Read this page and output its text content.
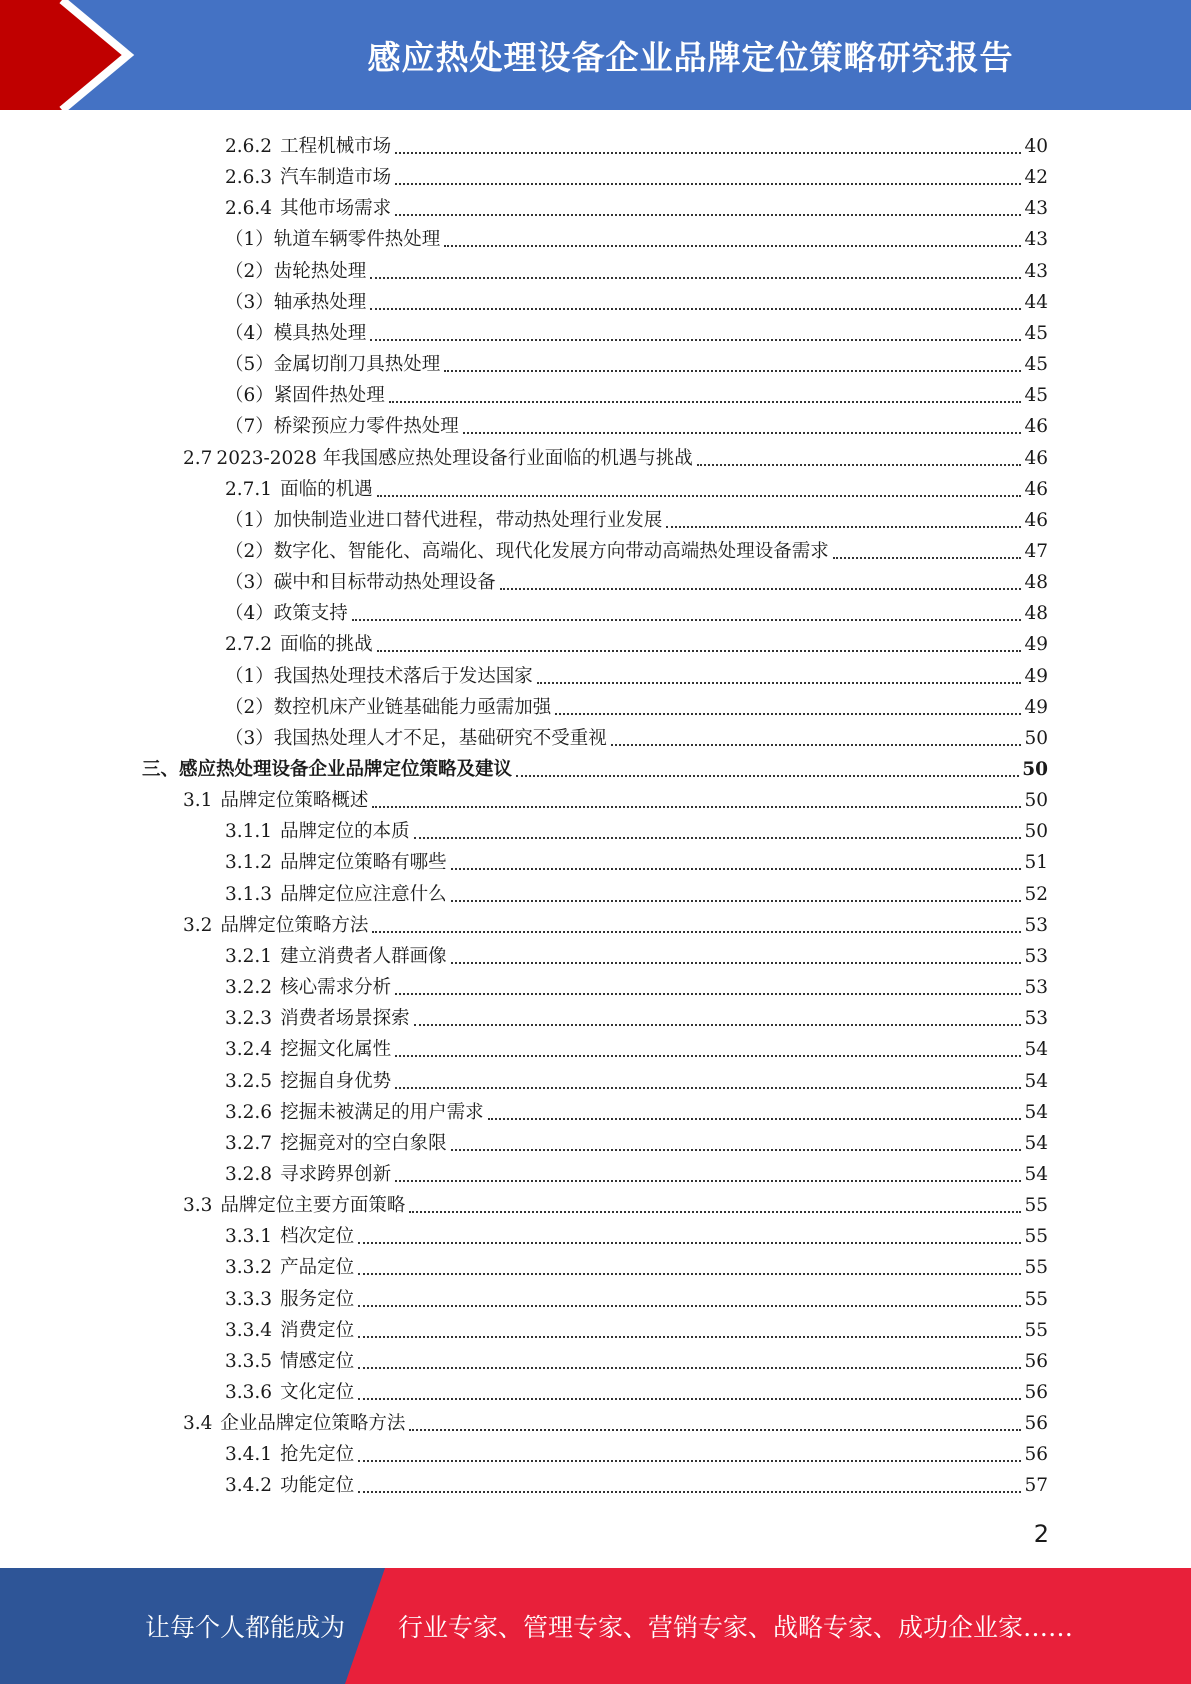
感应热处理设备企业品牌定位策略研究报告
2.6.2 工程机械市场	40
2.6.3 汽车制造市场	42
2.6.4 其他市场需求	43
（1） 轨道车辆零件热处理	43
（2） 齿轮热处理	43
（3） 轴承热处理	44
（4） 模具热处理	45
（5） 金属切削刀具热处理	45
（6） 紧固件热处理	45
（7） 桥梁预应力零件热处理	46
2.7 2023-2028 年我国感应热处理设备行业面临的机遇与挑战	46
2.7.1 面临的机遇	46
（1） 加快制造业进口替代进程，带动热处理行业发展	46
（2） 数字化、智能化、高端化、现代化发展方向带动高端热处理设备需求	47
（3） 碳中和目标带动热处理设备	48
（4） 政策支持	48
2.7.2 面临的挑战	49
（1） 我国热处理技术落后于发达国家	49
（2） 数控机床产业链基础能力亟需加强	49
（3） 我国热处理人才不足，基础研究不受重视	50
三、 感应热处理设备企业品牌定位策略及建议	50
3.1 品牌定位策略概述	50
3.1.1 品牌定位的本质	50
3.1.2 品牌定位策略有哪些	51
3.1.3 品牌定位应注意什么	52
3.2 品牌定位策略方法	53
3.2.1 建立消费者人群画像	53
3.2.2 核心需求分析	53
3.2.3 消费者场景探索	53
3.2.4 挖掘文化属性	54
3.2.5 挖掘自身优势	54
3.2.6 挖掘未被满足的用户需求	54
3.2.7 挖掘竞对的空白象限	54
3.2.8 寻求跨界创新	54
3.3 品牌定位主要方面策略	55
3.3.1 档次定位	55
3.3.2 产品定位	55
3.3.3 服务定位	55
3.3.4 消费定位	55
3.3.5 情感定位	56
3.3.6 文化定位	56
3.4 企业品牌定位策略方法	56
3.4.1 抢先定位	56
3.4.2 功能定位	57
2
让每个人都能成为 行业专家、管理专家、营销专家、战略专家、成功企业家……
